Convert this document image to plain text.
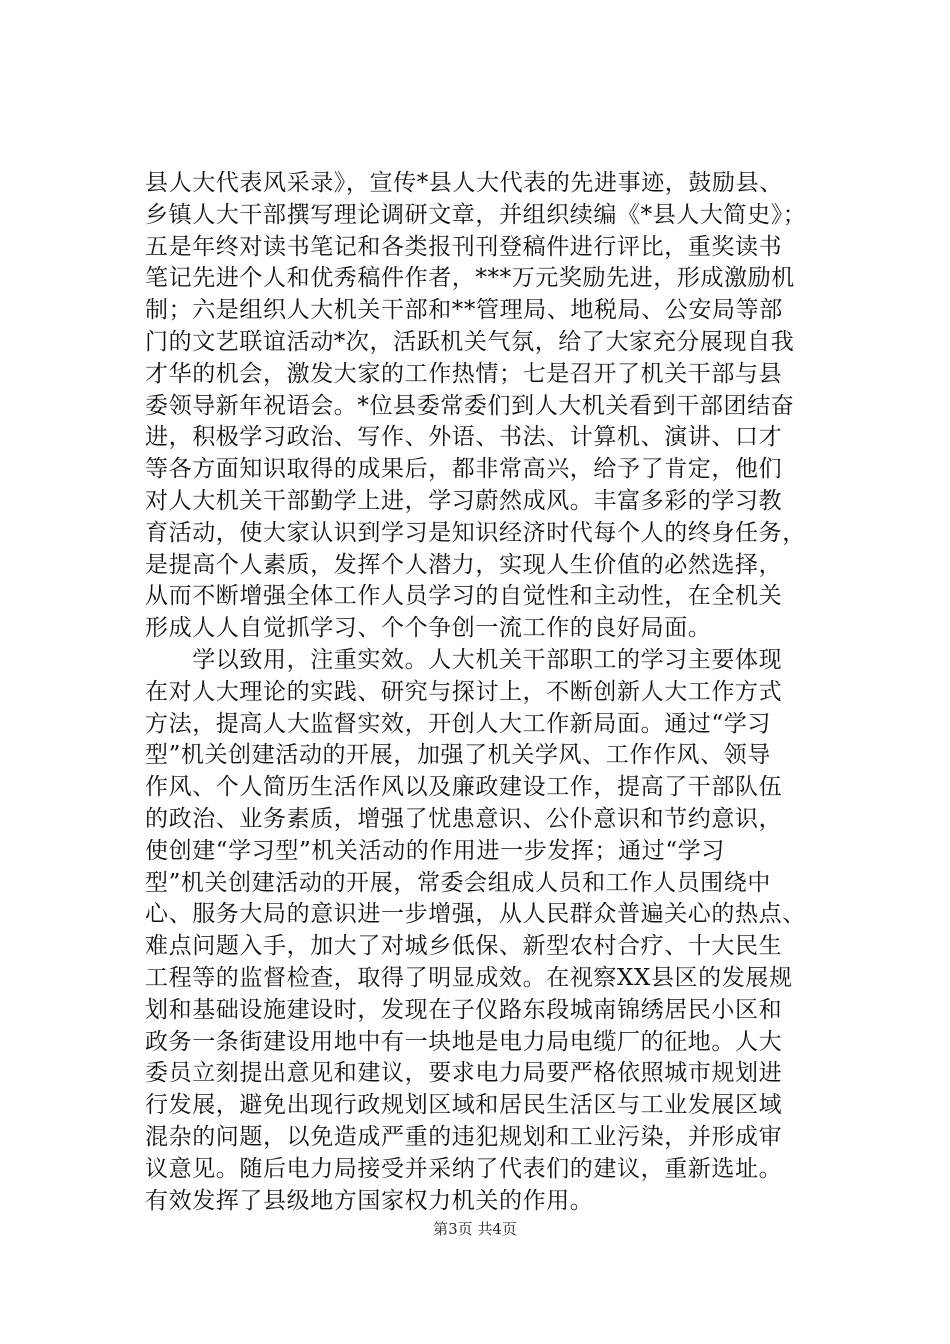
县人大代表风采录》，宣传*县人大代表的先进事迹，鼓励县、
乡镇人大干部撰写理论调研文章，并组织续编《*县人大简史》；
五是年终对读书笔记和各类报刊刊登稿件进行评比，重奖读书
笔记先进个人和优秀稿件作者，***万元奖励先进，形成激励机
制；六是组织人大机关干部和**管理局、地税局、公安局等部
门的文艺联谊活动*次，活跃机关气氛，给了大家充分展现自我
才华的机会，激发大家的工作热情；七是召开了机关干部与县
委领导新年祝语会。*位县委常委们到人大机关看到干部团结奋
进，积极学习政治、写作、外语、书法、计算机、演讲、口才
等各方面知识取得的成果后，都非常高兴，给予了肯定，他们
对人大机关干部勤学上进，学习蔚然成风。丰富多彩的学习教
育活动，使大家认识到学习是知识经济时代每个人的终身任务，
是提高个人素质，发挥个人潜力，实现人生价值的必然选择，
从而不断增强全体工作人员学习的自觉性和主动性，在全机关
形成人人自觉抓学习、个个争创一流工作的良好局面。
　　学以致用，注重实效。人大机关干部职工的学习主要体现
在对人大理论的实践、研究与探讨上，不断创新人大工作方式
方法，提高人大监督实效，开创人大工作新局面。通过“学习
型”机关创建活动的开展，加强了机关学风、工作作风、领导
作风、个人简历生活作风以及廉政建设工作，提高了干部队伍
的政治、业务素质，增强了忧患意识、公仆意识和节约意识，
使创建“学习型”机关活动的作用进一步发挥；通过“学习
型”机关创建活动的开展，常委会组成人员和工作人员围绕中
心、服务大局的意识进一步增强，从人民群众普遍关心的热点、
难点问题入手，加大了对城乡低保、新型农村合疗、十大民生
工程等的监督检查，取得了明显成效。在视察XX县区的发展规
划和基础设施建设时，发现在子仪路东段城南锦绣居民小区和
政务一条街建设用地中有一块地是电力局电缆厂的征地。人大
委员立刻提出意见和建议，要求电力局要严格依照城市规划进
行发展，避免出现行政规划区域和居民生活区与工业发展区域
混杂的问题，以免造成严重的违犯规划和工业污染，并形成审
议意见。随后电力局接受并采纳了代表们的建议，重新选址。
有效发挥了县级地方国家权力机关的作用。
第3页 共4页
